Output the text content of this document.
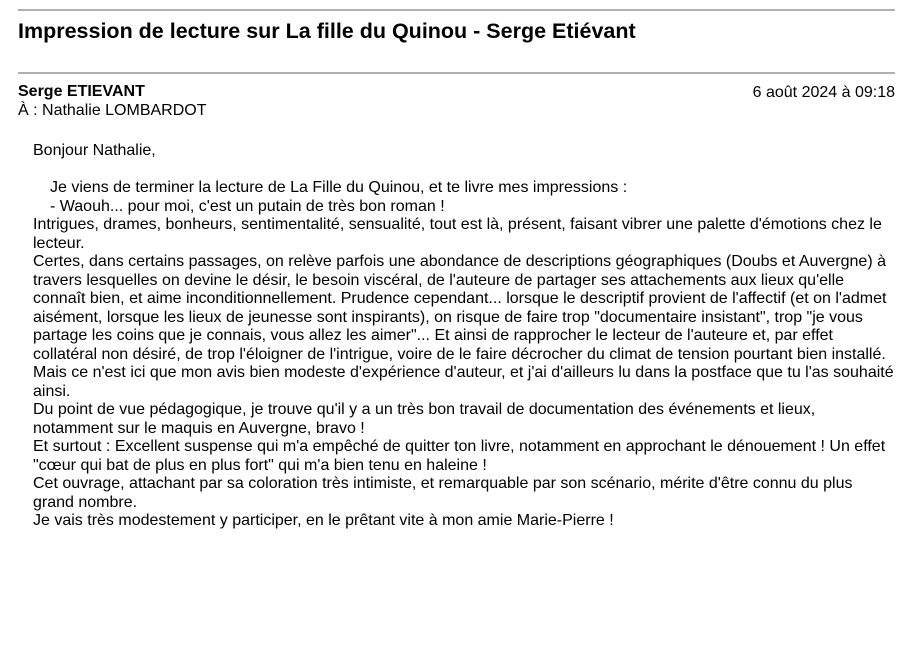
Impression de lecture sur La fille du Quinou - Serge Etiévant
Serge ETIEVANT	6 août 2024 à 09:18
À : Nathalie LOMBARDOT
Bonjour Nathalie,
Je viens de terminer la lecture de La Fille du Quinou, et te livre mes impressions :
- Waouh... pour moi, c'est un putain de très bon roman !
Intrigues, drames, bonheurs, sentimentalité, sensualité, tout est là, présent, faisant vibrer une palette d'émotions chez le lecteur.
Certes, dans certains passages, on relève parfois une abondance de descriptions géographiques (Doubs et Auvergne) à travers lesquelles on devine le désir, le besoin viscéral, de l'auteure de partager ses attachements aux lieux qu'elle connaît bien, et aime inconditionnellement. Prudence cependant... lorsque le descriptif provient de l'affectif (et on l'admet aisément, lorsque les lieux de jeunesse sont inspirants), on risque de faire trop "documentaire insistant", trop "je vous partage les coins que je connais, vous allez les aimer"... Et ainsi de rapprocher le lecteur de l'auteure et, par effet collatéral non désiré, de trop l'éloigner de l'intrigue, voire de le faire décrocher du climat de tension pourtant bien installé. Mais ce n'est ici que mon avis bien modeste d'expérience d'auteur, et j'ai d'ailleurs lu dans la postface que tu l'as souhaité ainsi.
Du point de vue pédagogique, je trouve qu'il y a un très bon travail de documentation des événements et lieux, notamment sur le maquis en Auvergne, bravo !
Et surtout : Excellent suspense qui m'a empêché de quitter ton livre, notamment en approchant le dénouement ! Un effet "cœur qui bat de plus en plus fort" qui m'a bien tenu en haleine !
Cet ouvrage, attachant par sa coloration très intimiste, et remarquable par son scénario, mérite d'être connu du plus grand nombre.
Je vais très modestement y participer, en le prêtant vite à mon amie Marie-Pierre !
